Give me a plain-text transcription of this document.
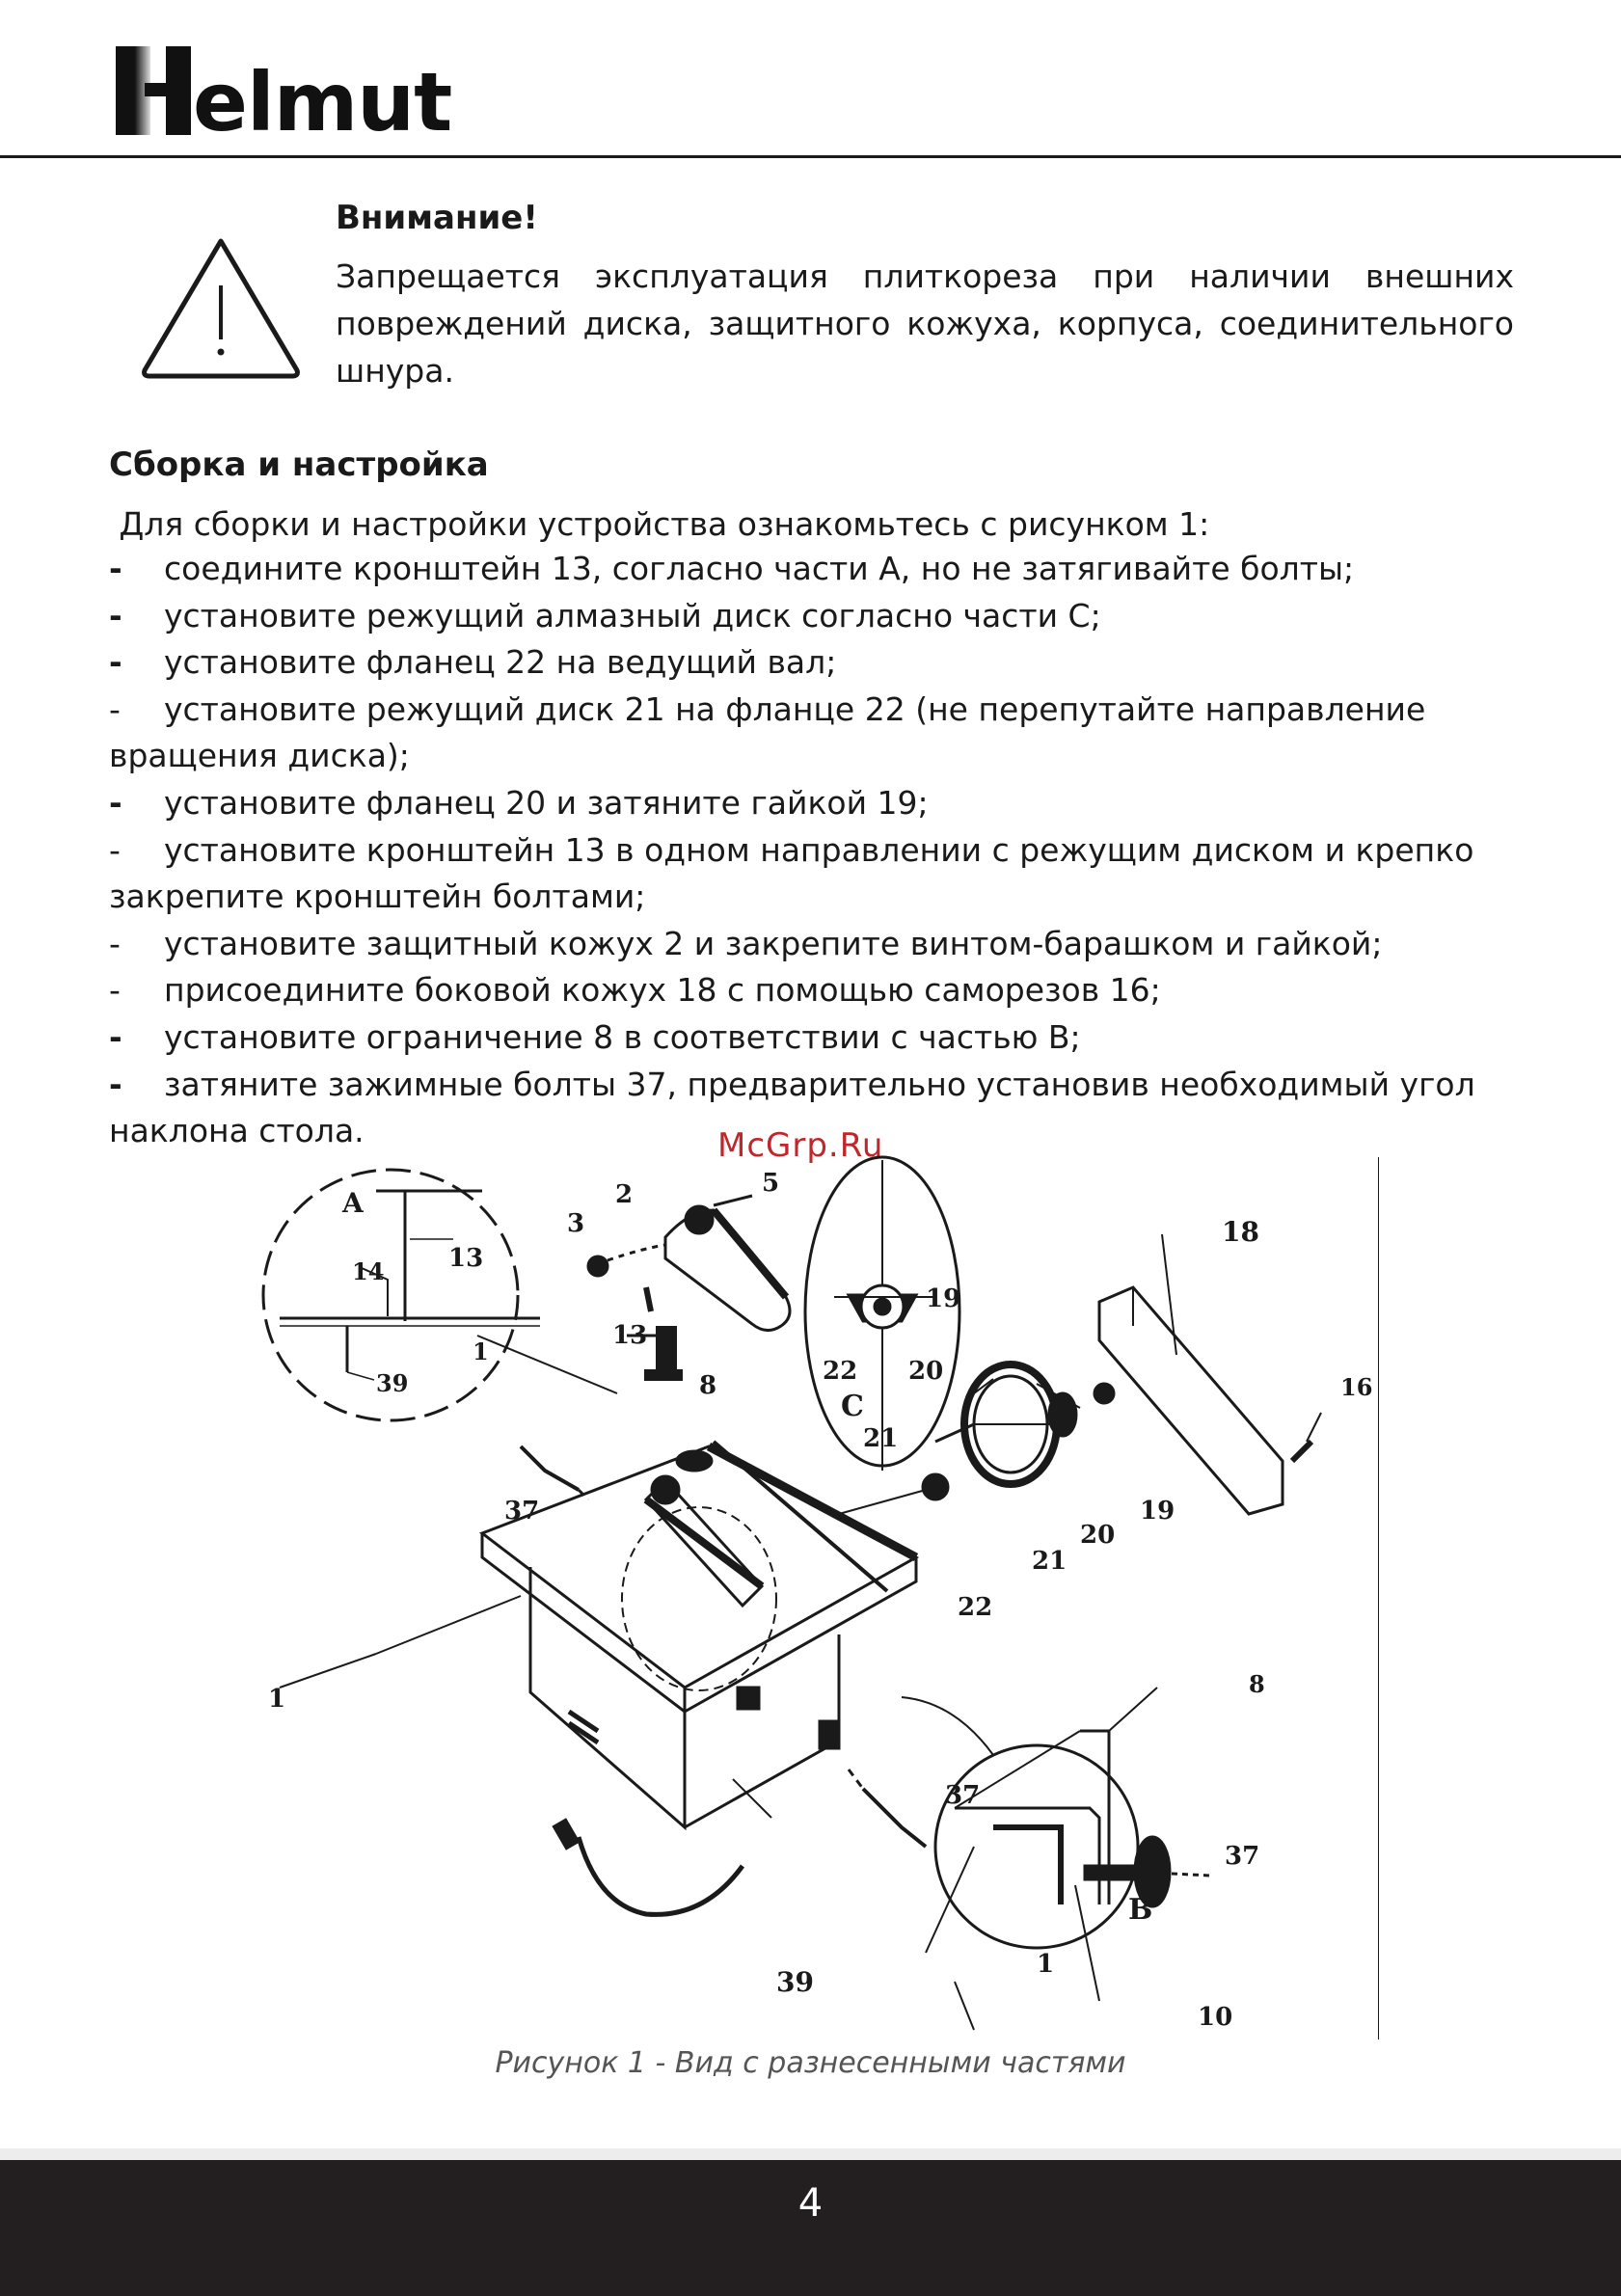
elmut
Внимание!
Запрещается эксплуатация плиткореза при наличии внешних повреждений диска, защитного кожуха, корпуса, соединительного шнура.
Сборка и настройка
Для сборки и настройки устройства ознакомьтесь с рисунком 1:
- соедините кронштейн 13, согласно части А, но не затягивайте болты;
- установите режущий алмазный диск согласно части С;
- установите фланец 22 на ведущий вал;
- установите режущий диск 21 на фланце 22 (не перепутайте направление
вращения диска);
- установите фланец 20 и затяните гайкой 19;
- установите кронштейн 13 в одном направлении с режущим диском и крепко
закрепите кронштейн болтами;
- установите защитный кожух 2 и закрепите винтом-барашком и гайкой;
- присоедините боковой кожух 18 с помощью саморезов 16;
- установите ограничение 8 в соответствии с частью В;
- затяните зажимные болты 37, предварительно установив необходимый угол
наклона стола.	McGrp.Ru
A
14	13
1
39
3
13
2	5
8
37
19
22 20
C
21
18
16
19
20
21
22
1
37
39
8
37
B
1
10
Рисунок 1 - Вид с разнесенными частями
4
